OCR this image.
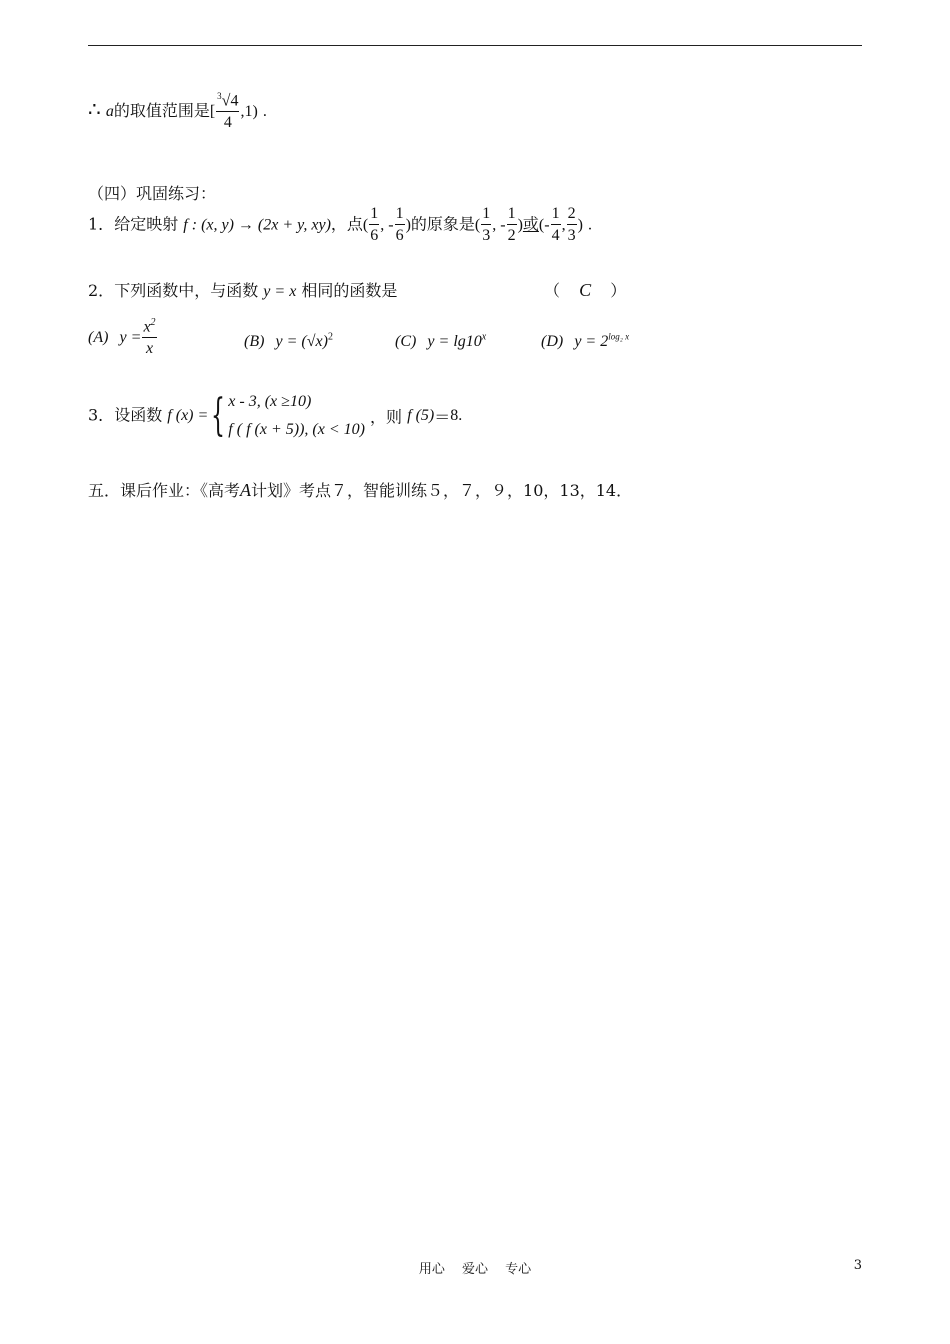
∴ a的取值范围是[ $\frac{^3√4}{4} ,1$) .
（四）巩固练习：
1．给定映射 f : (x, y) → (2x + y, xy)，点( $\frac{1}{6}$ , - $\frac{1}{6}$ )的原象是( $\frac{1}{3}$ , - $\frac{1}{2}$ )或(- $\frac{1}{4}$ , $\frac{2}{3}$ ) .
2．下列函数中，与函数 y = x 相同的函数是	（ C ）
(A) $y = \frac{x^2}{x}$	(B) $y = (√x)^2$	(C) $y = \lg 10^x$	(D) $y = 2^{log_2 x}$
3．设函数 f (x) ={ x - 3, (x ≥10)
f ( f (x + 5)), (x < 10)
，则 f (5)＝8.
五．课后作业：《高考A计划》考点７，智能训练５，７，９，10，13，14．
用心　 爱心　 专心	3
